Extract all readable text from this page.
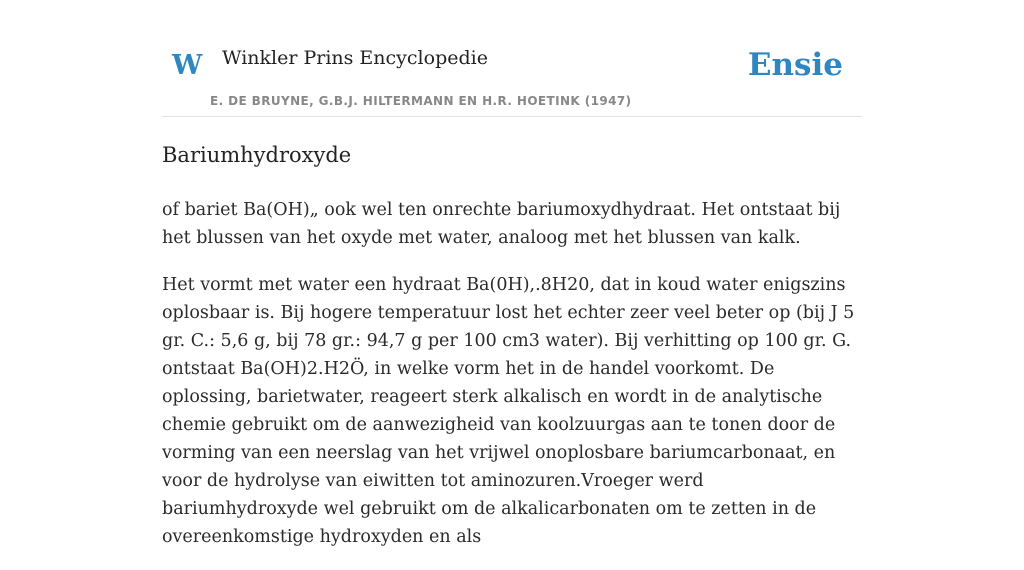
W Winkler Prins Encyclopedie
E. DE BRUYNE, G.B.J. HILTERMANN EN H.R. HOETINK (1947)
Ensie
Bariumhydroxyde

of bariet Ba(OH)„ ook wel ten onrechte bariumoxydhydraat. Het ontstaat bij het blussen van het oxyde met water, analoog met het blussen van kalk.

Het vormt met water een hydraat Ba(0H),.8H20, dat in koud water enigszins oplosbaar is. Bij hogere temperatuur lost het echter zeer veel beter op (bij J 5 gr. C.: 5,6 g, bij 78 gr.: 94,7 g per 100 cm3 water). Bij verhitting op 100 gr. G. ontstaat Ba(OH)2.H2Ö, in welke vorm het in de handel voorkomt. De oplossing, barietwater, reageert sterk alkalisch en wordt in de analytische chemie gebruikt om de aanwezigheid van koolzuurgas aan te tonen door de vorming van een neerslag van het vrijwel onoplosbare bariumcarbonaat, en voor de hydrolyse van eiwitten tot aminozuren.Vroeger werd bariumhydroxyde wel gebruikt om de alkalicarbonaten om te zetten in de overeenkomstige hydroxyden en als
